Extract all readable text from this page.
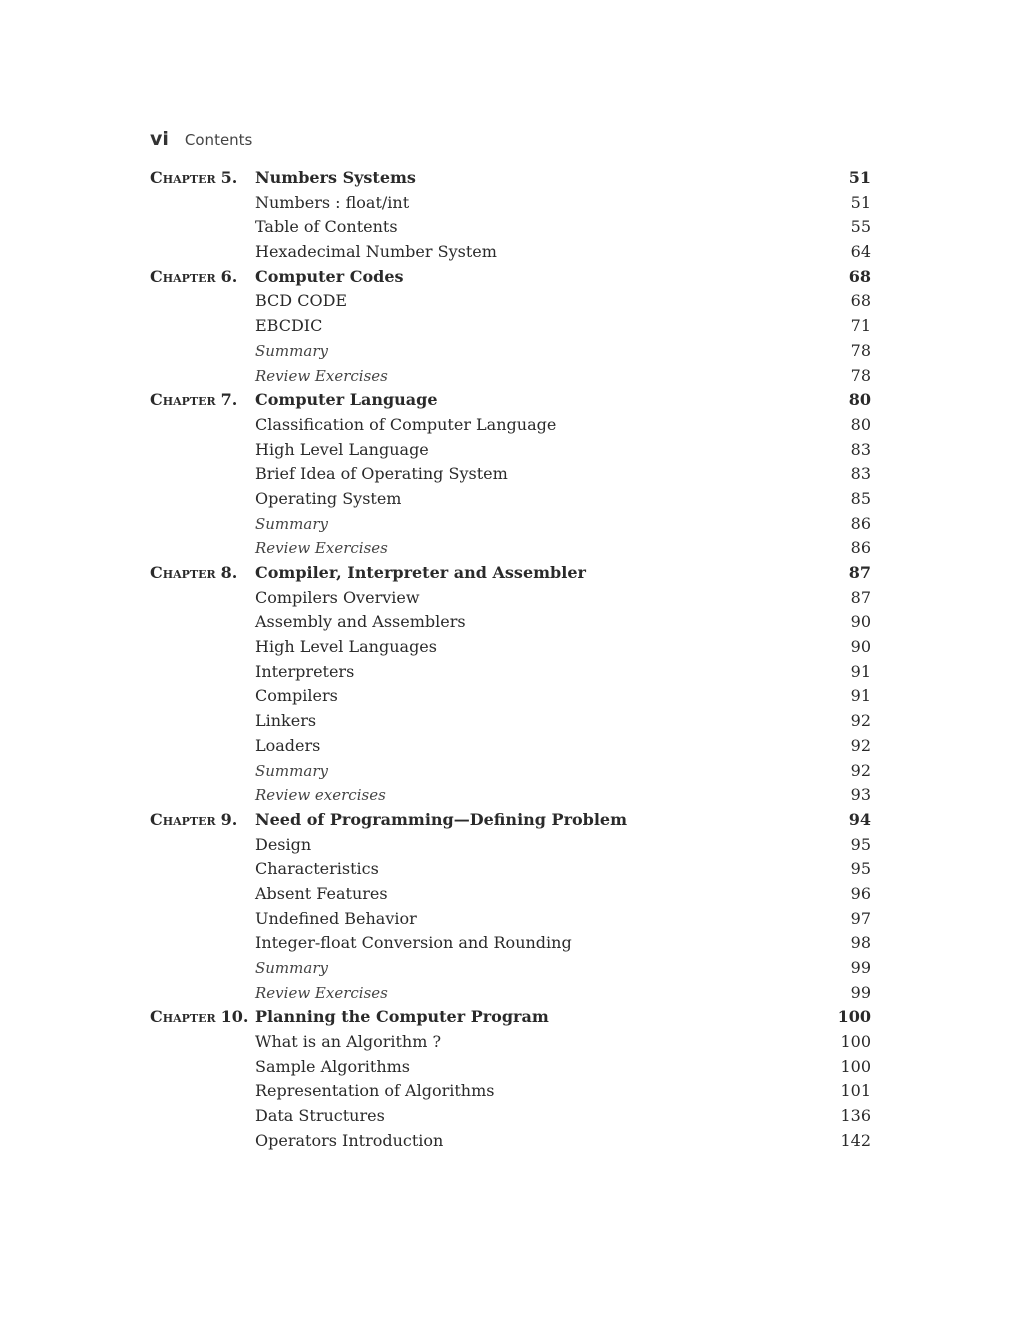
vi Contents
Chapter 5. Numbers Systems	51
Numbers : float/int	51
Table of Contents	55
Hexadecimal Number System	64
Chapter 6. Computer Codes	68
BCD CODE	68
EBCDIC	71
Summary	78
Review Exercises	78
Chapter 7. Computer Language	80
Classification of Computer Language	80
High Level Language	83
Brief Idea of Operating System	83
Operating System	85
Summary	86
Review Exercises	86
Chapter 8. Compiler, Interpreter and Assembler	87
Compilers Overview	87
Assembly and Assemblers	90
High Level Languages	90
Interpreters	91
Compilers	91
Linkers	92
Loaders	92
Summary	92
Review exercises	93
Chapter 9. Need of Programming—Defining Problem	94
Design	95
Characteristics	95
Absent Features	96
Undefined Behavior	97
Integer-float Conversion and Rounding	98
Summary	99
Review Exercises	99
Chapter 10. Planning the Computer Program	100
What is an Algorithm ?	100
Sample Algorithms	100
Representation of Algorithms	101
Data Structures	136
Operators Introduction	142
